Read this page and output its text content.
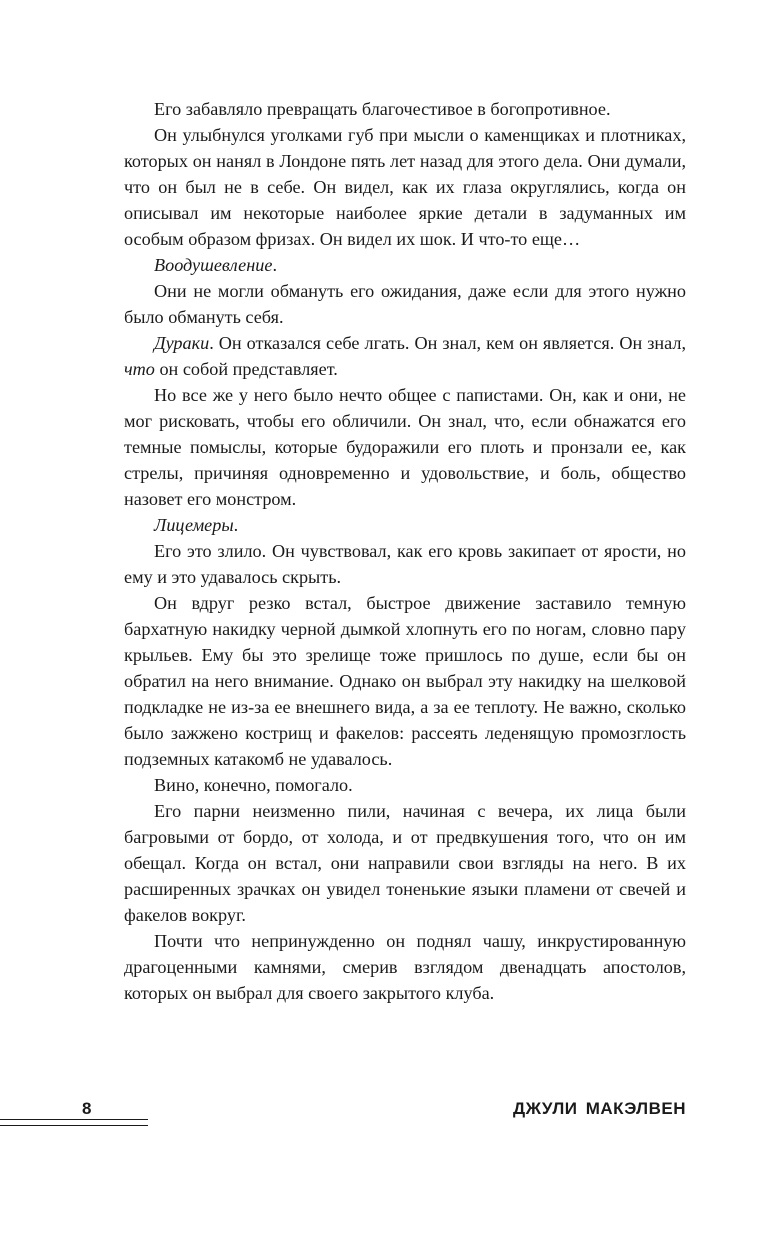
Его забавляло превращать благочестивое в богопротивное.

Он улыбнулся уголками губ при мысли о каменщиках и плотниках, которых он нанял в Лондоне пять лет назад для этого дела. Они думали, что он был не в себе. Он видел, как их глаза округлялись, когда он описывал им некоторые наиболее яркие детали в задуманных им особым образом фризах. Он видел их шок. И что-то еще…

Воодушевление.

Они не могли обмануть его ожидания, даже если для этого нужно было обмануть себя.

Дураки. Он отказался себе лгать. Он знал, кем он является. Он знал, что он собой представляет.

Но все же у него было нечто общее с папистами. Он, как и они, не мог рисковать, чтобы его обличили. Он знал, что, если обнажатся его темные помыслы, которые будоражили его плоть и пронзали ее, как стрелы, причиняя одновременно и удовольствие, и боль, общество назовет его монстром.

Лицемеры.

Его это злило. Он чувствовал, как его кровь закипает от ярости, но ему и это удавалось скрыть.

Он вдруг резко встал, быстрое движение заставило темную бархатную накидку черной дымкой хлопнуть его по ногам, словно пару крыльев. Ему бы это зрелище тоже пришлось по душе, если бы он обратил на него внимание. Однако он выбрал эту накидку на шелковой подкладке не из-за ее внешнего вида, а за ее теплоту. Не важно, сколько было зажжено кострищ и факелов: рассеять леденящую промозглость подземных катакомб не удавалось.

Вино, конечно, помогало.

Его парни неизменно пили, начиная с вечера, их лица были багровыми от бордо, от холода, и от предвкушения того, что он им обещал. Когда он встал, они направили свои взгляды на него. В их расширенных зрачках он увидел тоненькие языки пламени от свечей и факелов вокруг.

Почти что непринужденно он поднял чашу, инкрустированную драгоценными камнями, смерив взглядом двенадцать апостолов, которых он выбрал для своего закрытого клуба.

8	ДЖУЛИ МАКЭЛВЕН
